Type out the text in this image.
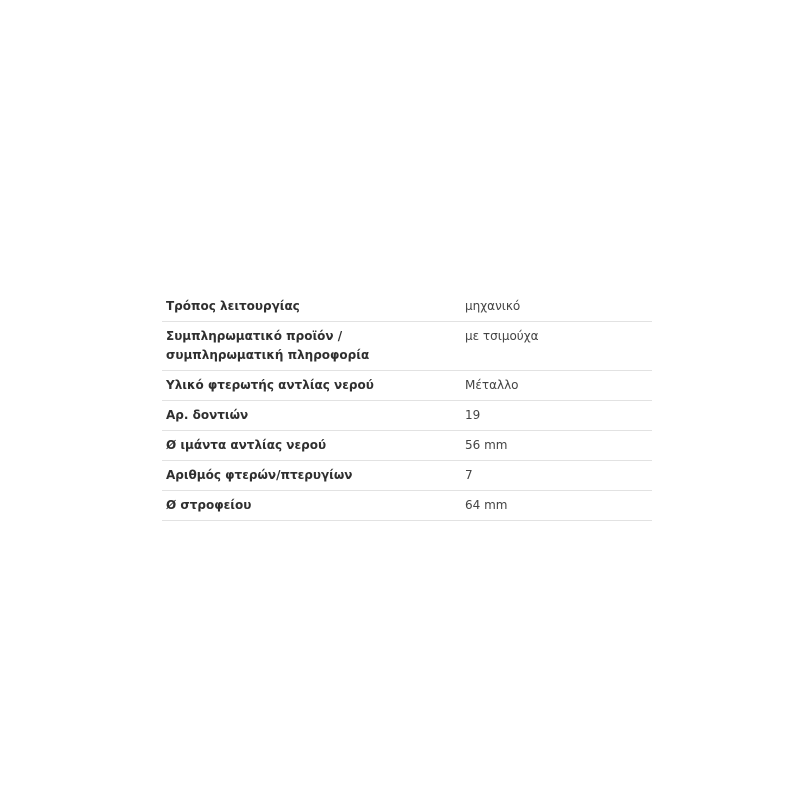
Τρόπος λειτουργίας	μηχανικό
Συμπληρωματικό προϊόν / συμπληρωματική πληροφορία	με τσιμούχα
Υλικό φτερωτής αντλίας νερού	Μέταλλο
Αρ. δοντιών	19
Ø ιμάντα αντλίας νερού	56 mm
Αριθμός φτερών/πτερυγίων	7
Ø στροφείου	64 mm
